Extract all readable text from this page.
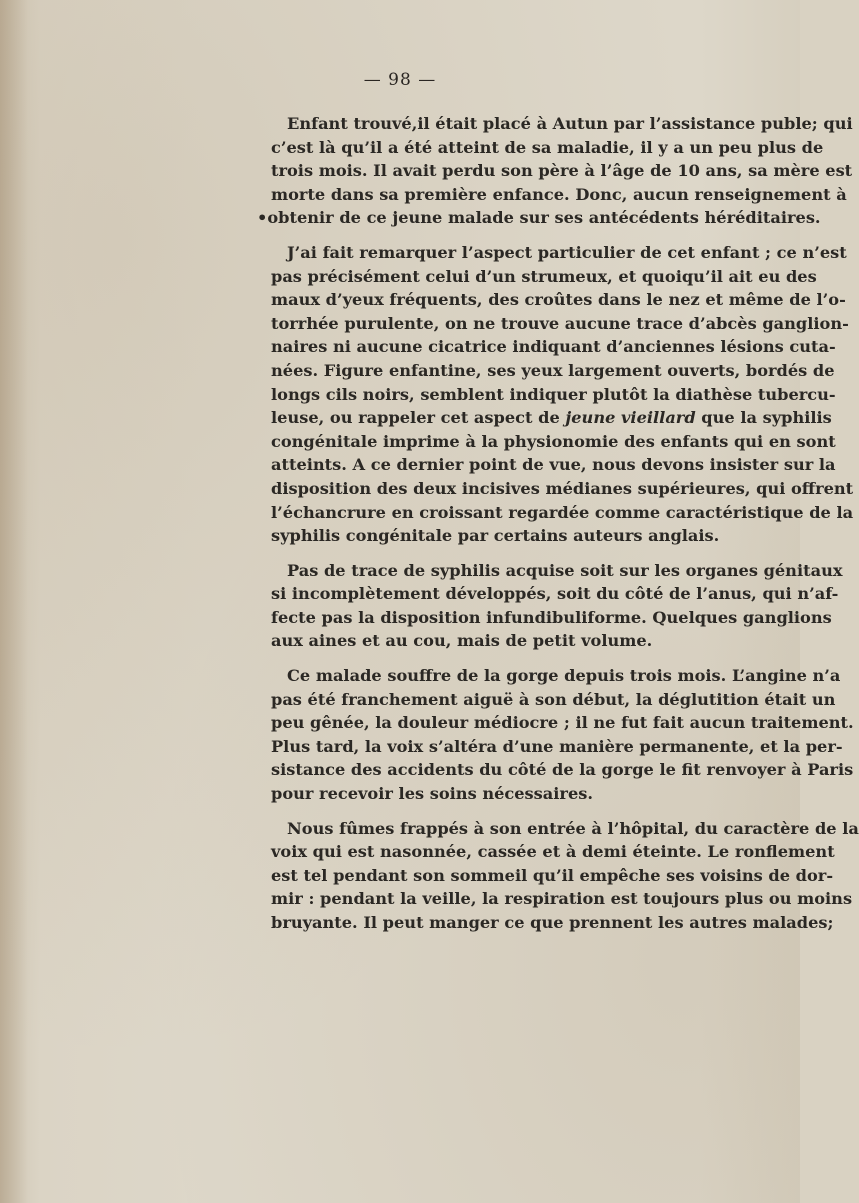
— 98 —
Enfant trouvé,il était placé à Autun par l’assistance puble; qui
c’est là qu’il a été atteint de sa maladie, il y a un peu plus de
trois mois. Il avait perdu son père à l’âge de 10 ans, sa mère est
morte dans sa première enfance. Donc, aucun renseignement à
•obtenir de ce jeune malade sur ses antécédents héréditaires.
J’ai fait remarquer l’aspect particulier de cet enfant ; ce n’est
pas précisément celui d’un strumeux, et quoiqu’il ait eu des
maux d’yeux fréquents, des croûtes dans le nez et même de l’o-
torrhée purulente, on ne trouve aucune trace d’abcès ganglion-
naires ni aucune cicatrice indiquant d’anciennes lésions cuta-
nées. Figure enfantine, ses yeux largement ouverts, bordés de
longs cils noirs, semblent indiquer plutôt la diathèse tubercu-
leuse, ou rappeler cet aspect de jeune vieillard que la syphilis
congénitale imprime à la physionomie des enfants qui en sont
atteints. A ce dernier point de vue, nous devons insister sur la
disposition des deux incisives médianes supérieures, qui offrent
l’échancrure en croissant regardée comme caractéristique de la
syphilis congénitale par certains auteurs anglais.
Pas de trace de syphilis acquise soit sur les organes génitaux
si incomplètement développés, soit du côté de l’anus, qui n’af-
fecte pas la disposition infundibuliforme. Quelques ganglions
aux aines et au cou, mais de petit volume.
Ce malade souffre de la gorge depuis trois mois. L’angine n’a
pas été franchement aiguë à son début, la déglutition était un
peu gênée, la douleur médiocre ; il ne fut fait aucun traitement.
Plus tard, la voix s’altéra d’une manière permanente, et la per-
sistance des accidents du côté de la gorge le fit renvoyer à Paris
pour recevoir les soins nécessaires.
Nous fûmes frappés à son entrée à l’hôpital, du caractère de la
voix qui est nasonnée, cassée et à demi éteinte. Le ronflement
est tel pendant son sommeil qu’il empêche ses voisins de dor-
mir : pendant la veille, la respiration est toujours plus ou moins
bruyante. Il peut manger ce que prennent les autres malades;
